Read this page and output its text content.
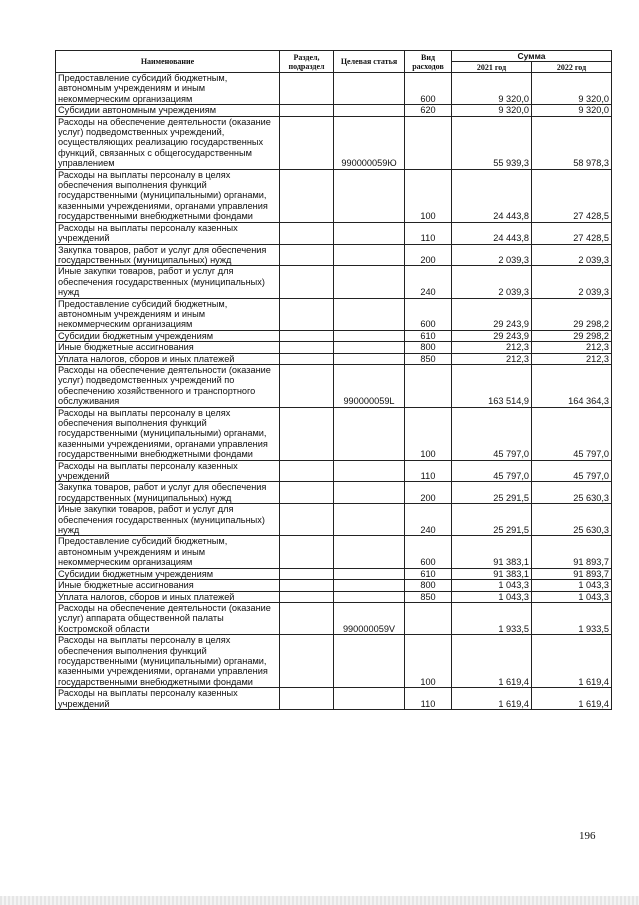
Наименование	Раздел, подраздел	Целевая статья	Вид расходов	Сумма	
				2021 год	2022 год
Предоставление субсидий бюджетным, автономным учреждениям и иным некоммерческим организациям			600	9 320,0	9 320,0
Субсидии автономным учреждениям			620	9 320,0	9 320,0
Расходы на обеспечение деятельности (оказание услуг) подведомственных учреждений, осуществляющих реализацию государственных функций, связанных с общегосударственным управлением		990000059Ю		55 939,3	58 978,3
Расходы на выплаты персоналу в целях обеспечения выполнения функций государственными (муниципальными) органами, казенными учреждениями, органами управления государственными внебюджетными фондами			100	24 443,8	27 428,5
Расходы на выплаты персоналу казенных учреждений			110	24 443,8	27 428,5
Закупка товаров, работ и услуг для обеспечения государственных (муниципальных) нужд			200	2 039,3	2 039,3
Иные закупки товаров, работ и услуг для обеспечения государственных (муниципальных) нужд			240	2 039,3	2 039,3
Предоставление субсидий бюджетным, автономным учреждениям и иным некоммерческим организациям			600	29 243,9	29 298,2
Субсидии бюджетным учреждениям			610	29 243,9	29 298,2
Иные бюджетные ассигнования			800	212,3	212,3
Уплата налогов, сборов и иных платежей			850	212,3	212,3
Расходы на обеспечение деятельности (оказание услуг) подведомственных учреждений по обеспечению хозяйственного и транспортного обслуживания		990000059L		163 514,9	164 364,3
Расходы на выплаты персоналу в целях обеспечения выполнения функций государственными (муниципальными) органами, казенными учреждениями, органами управления государственными внебюджетными фондами			100	45 797,0	45 797,0
Расходы на выплаты персоналу казенных учреждений			110	45 797,0	45 797,0
Закупка товаров, работ и услуг для обеспечения государственных (муниципальных) нужд			200	25 291,5	25 630,3
Иные закупки товаров, работ и услуг для обеспечения государственных (муниципальных) нужд			240	25 291,5	25 630,3
Предоставление субсидий бюджетным, автономным учреждениям и иным некоммерческим организациям			600	91 383,1	91 893,7
Субсидии бюджетным учреждениям			610	91 383,1	91 893,7
Иные бюджетные ассигнования			800	1 043,3	1 043,3
Уплата налогов, сборов и иных платежей			850	1 043,3	1 043,3
Расходы на обеспечение деятельности (оказание услуг) аппарата общественной палаты Костромской области		990000059V		1 933,5	1 933,5
Расходы на выплаты персоналу в целях обеспечения выполнения функций государственными (муниципальными) органами, казенными учреждениями, органами управления государственными внебюджетными фондами			100	1 619,4	1 619,4
Расходы на выплаты персоналу казенных учреждений			110	1 619,4	1 619,4
196
